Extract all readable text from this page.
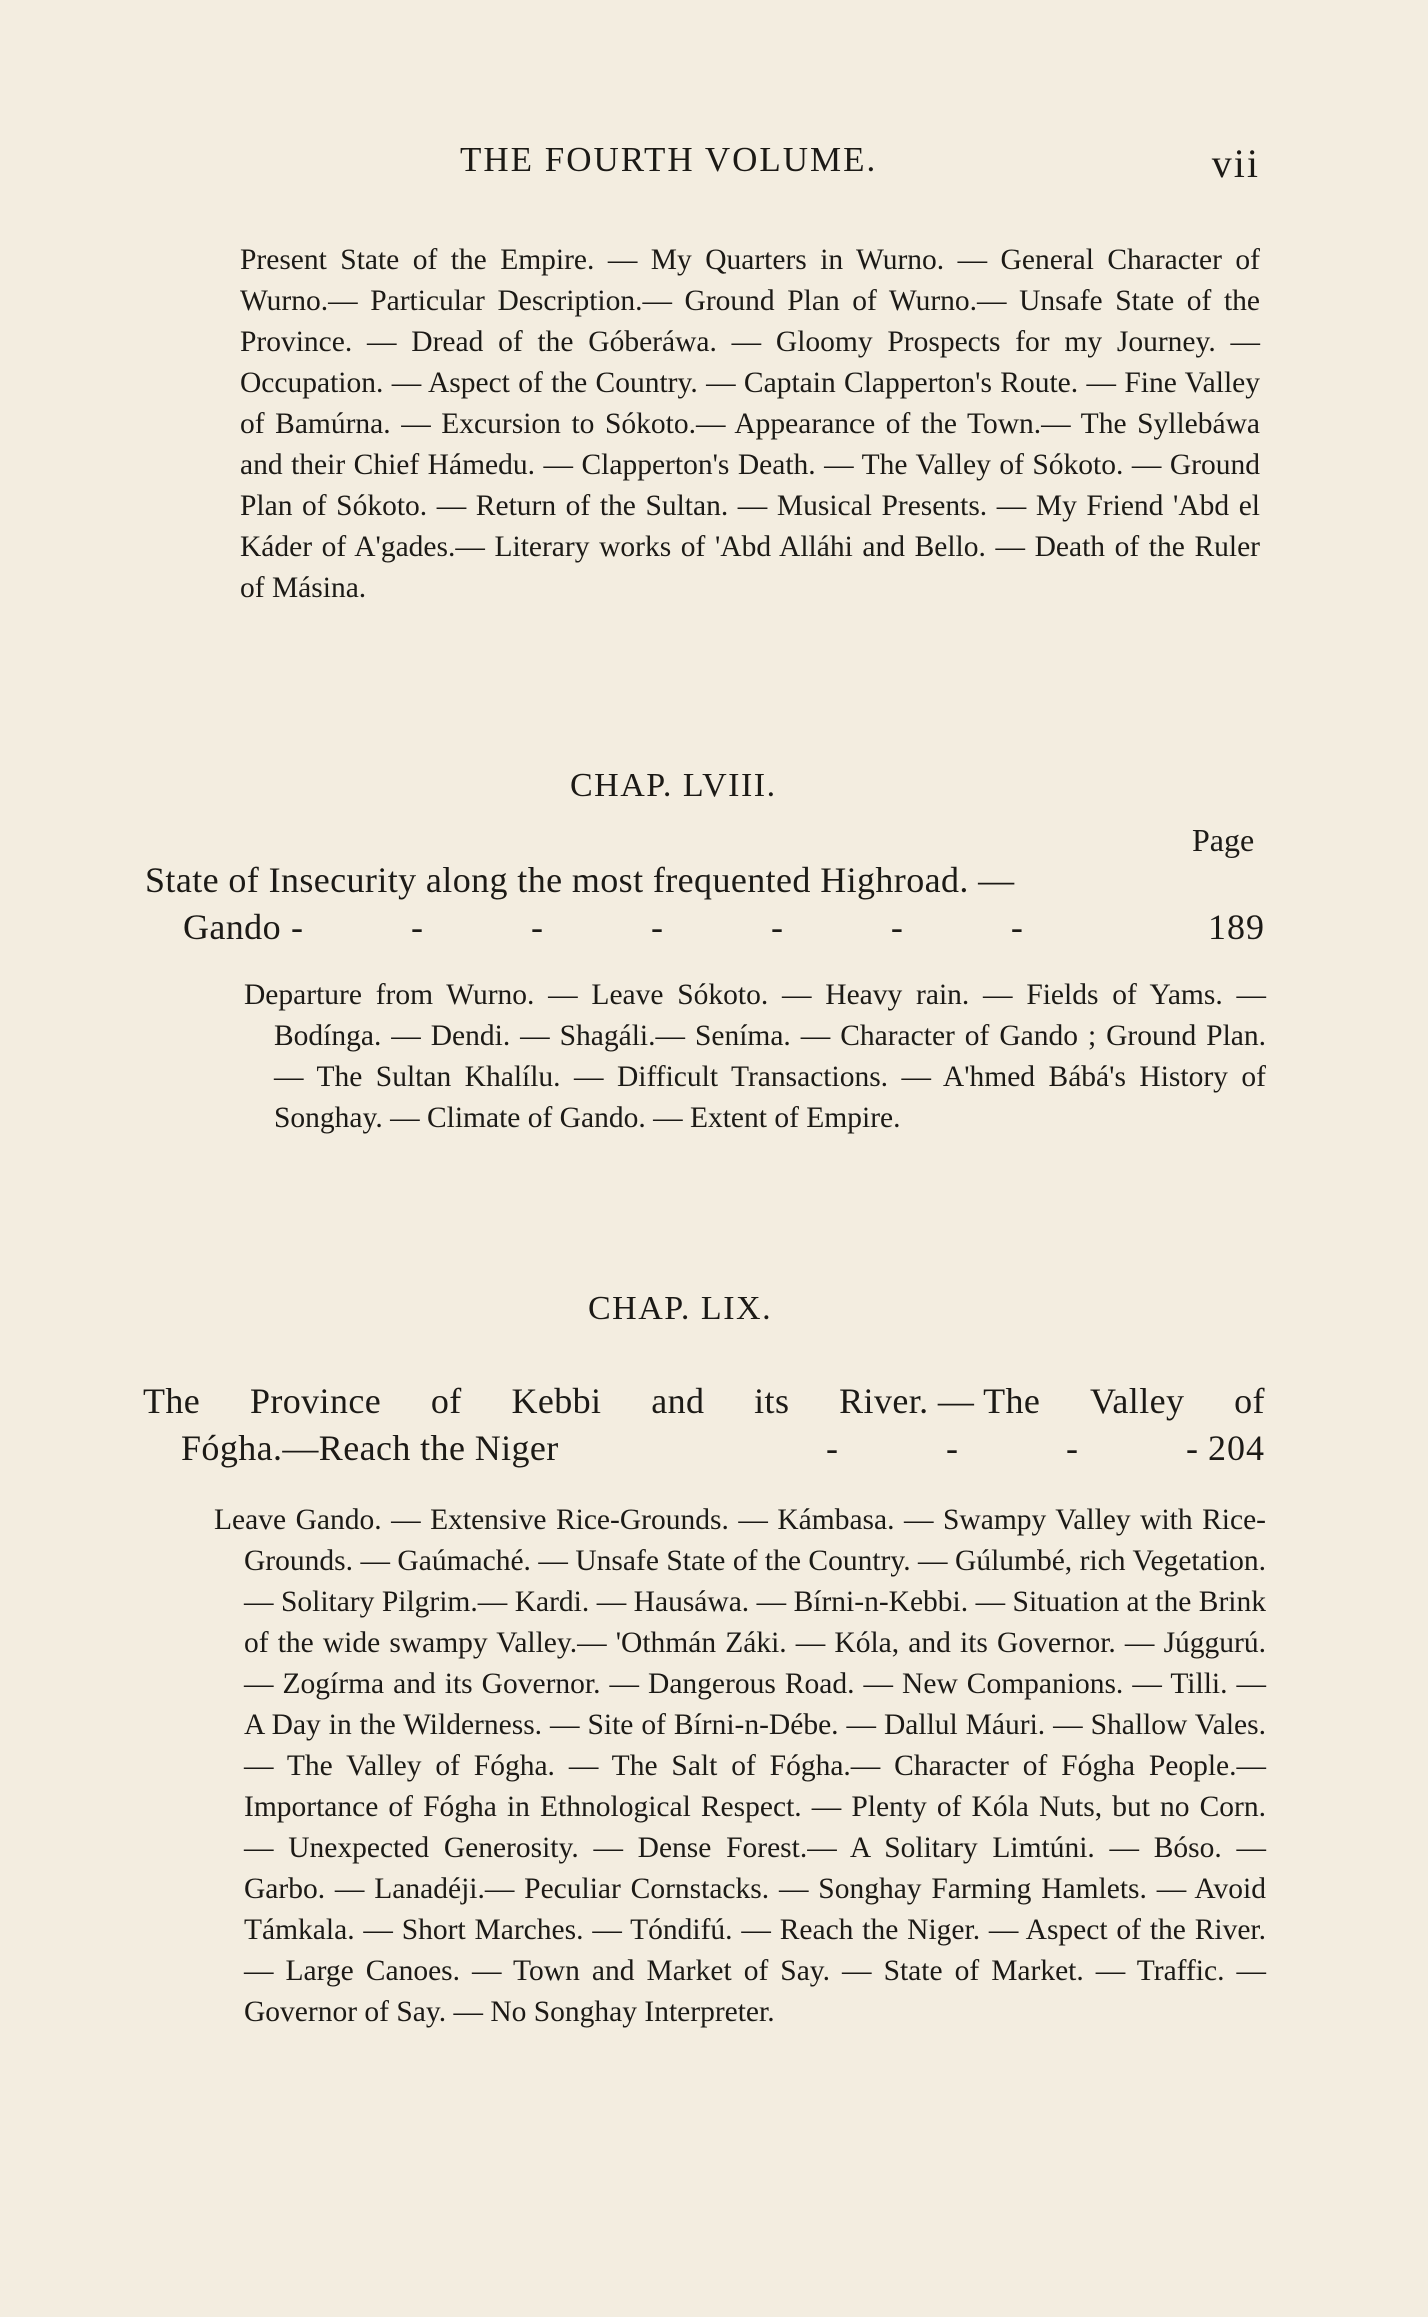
THE FOURTH VOLUME.	vii
Present State of the Empire. — My Quarters in Wurno. — General Character of Wurno.— Particular Description.— Ground Plan of Wurno.— Unsafe State of the Province. — Dread of the Góberáwa. — Gloomy Prospects for my Journey. — Occupation. — Aspect of the Country. — Captain Clapperton's Route. — Fine Valley of Bamúrna. — Excursion to Sókoto.— Appearance of the Town.— The Syllebáwa and their Chief Hámedu. — Clapperton's Death. — The Valley of Sókoto. — Ground Plan of Sókoto. — Return of the Sultan. — Musical Presents. — My Friend 'Abd el Káder of A'gades.— Literary works of 'Abd Alláhi and Bello. — Death of the Ruler of Másina.
CHAP. LVIII.
Page
State of Insecurity along the most frequented Highroad. —
Gando -            -            -            -            -            -            -	189
Departure from Wurno. — Leave Sókoto. — Heavy rain. — Fields of Yams. — Bodínga. — Dendi. — Shagáli.— Seníma. — Character of Gando ; Ground Plan. — The Sultan Khalílu. — Difficult Transactions. — A'hmed Bábá's History of Songhay. — Climate of Gando. — Extent of Empire.
CHAP. LIX.
The Province of Kebbi and its River. — The Valley of
Fógha.—Reach the Niger	-            -            -            - 204
Leave Gando. — Extensive Rice-Grounds. — Kámbasa. — Swampy Valley with Rice-Grounds. — Gaúmaché. — Unsafe State of the Country. — Gúlumbé, rich Vegetation. — Solitary Pilgrim.— Kardi. — Hausáwa. — Bírni-n-Kebbi. — Situation at the Brink of the wide swampy Valley.— 'Othmán Záki. — Kóla, and its Governor. — Júggurú. — Zogírma and its Governor. — Dangerous Road. — New Companions. — Tilli. — A Day in the Wilderness. — Site of Bírni-n-Débe. — Dallul Máuri. — Shallow Vales. — The Valley of Fógha. — The Salt of Fógha.— Character of Fógha People.— Importance of Fógha in Ethnological Respect. — Plenty of Kóla Nuts, but no Corn. — Unexpected Generosity. — Dense Forest.— A Solitary Limtúni. — Bóso. — Garbo. — Lanadéji.— Peculiar Cornstacks. — Songhay Farming Hamlets. — Avoid Támkala. — Short Marches. — Tóndifú. — Reach the Niger. — Aspect of the River. — Large Canoes. — Town and Market of Say. — State of Market. — Traffic. — Governor of Say. — No Songhay Interpreter.
